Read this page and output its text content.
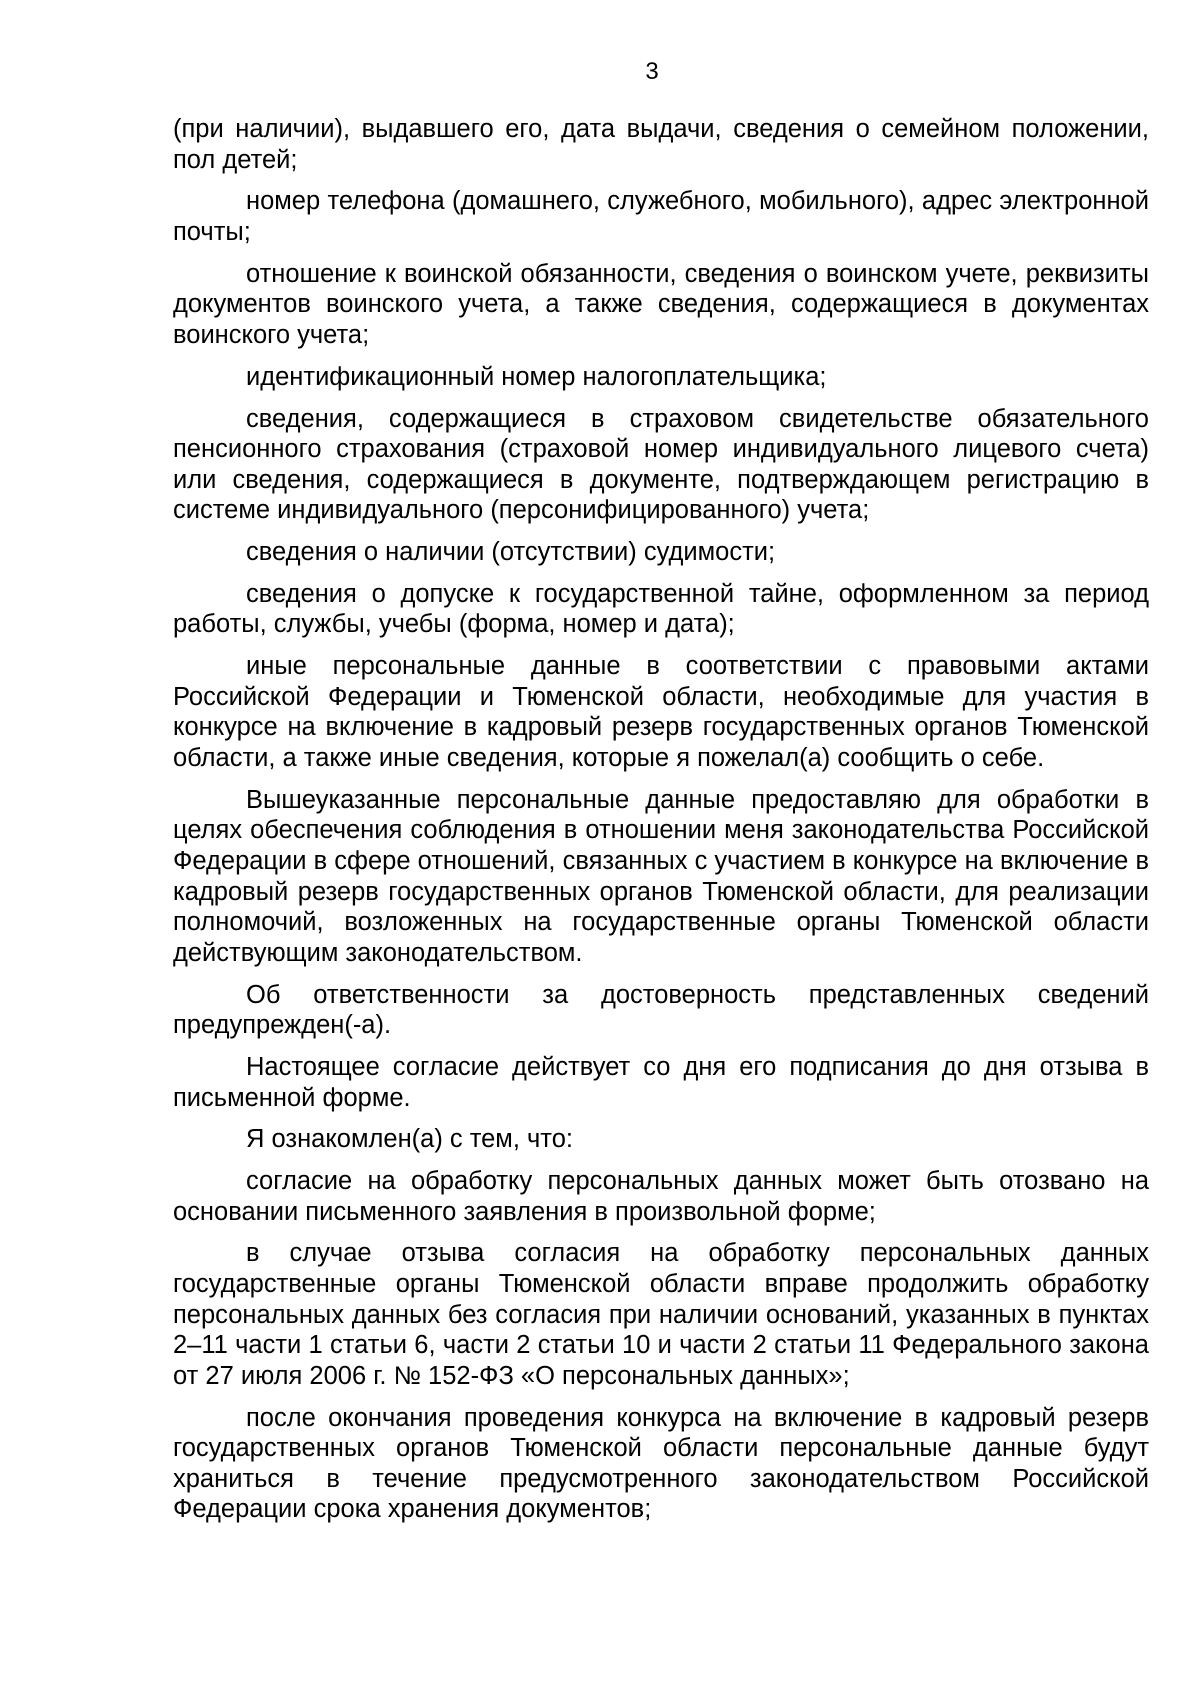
3

(при наличии), выдавшего его, дата выдачи, сведения о семейном положении, пол детей;

номер телефона (домашнего, служебного, мобильного), адрес электронной почты;

отношение к воинской обязанности, сведения о воинском учете, реквизиты документов воинского учета, а также сведения, содержащиеся в документах воинского учета;

идентификационный номер налогоплательщика;

сведения, содержащиеся в страховом свидетельстве обязательного пенсионного страхования (страховой номер индивидуального лицевого счета) или сведения, содержащиеся в документе, подтверждающем регистрацию в системе индивидуального (персонифицированного) учета;

сведения о наличии (отсутствии) судимости;

сведения о допуске к государственной тайне, оформленном за период работы, службы, учебы (форма, номер и дата);

иные персональные данные в соответствии с правовыми актами Российской Федерации и Тюменской области, необходимые для участия в конкурсе на включение в кадровый резерв государственных органов Тюменской области, а также иные сведения, которые я пожелал(а) сообщить о себе.

Вышеуказанные персональные данные предоставляю для обработки в целях обеспечения соблюдения в отношении меня законодательства Российской Федерации в сфере отношений, связанных с участием в конкурсе на включение в кадровый резерв государственных органов Тюменской области, для реализации полномочий, возложенных на государственные органы Тюменской области действующим законодательством.

Об ответственности за достоверность представленных сведений предупрежден(-а).

Настоящее согласие действует со дня его подписания до дня отзыва в письменной форме.

Я ознакомлен(а) с тем, что:

согласие на обработку персональных данных может быть отозвано на основании письменного заявления в произвольной форме;

в случае отзыва согласия на обработку персональных данных государственные органы Тюменской области вправе продолжить обработку персональных данных без согласия при наличии оснований, указанных в пунктах 2–11 части 1 статьи 6, части 2 статьи 10 и части 2 статьи 11 Федерального закона от 27 июля 2006 г. № 152-ФЗ «О персональных данных»;

после окончания проведения конкурса на включение в кадровый резерв государственных органов Тюменской области персональные данные будут храниться в течение предусмотренного законодательством Российской Федерации срока хранения документов;
